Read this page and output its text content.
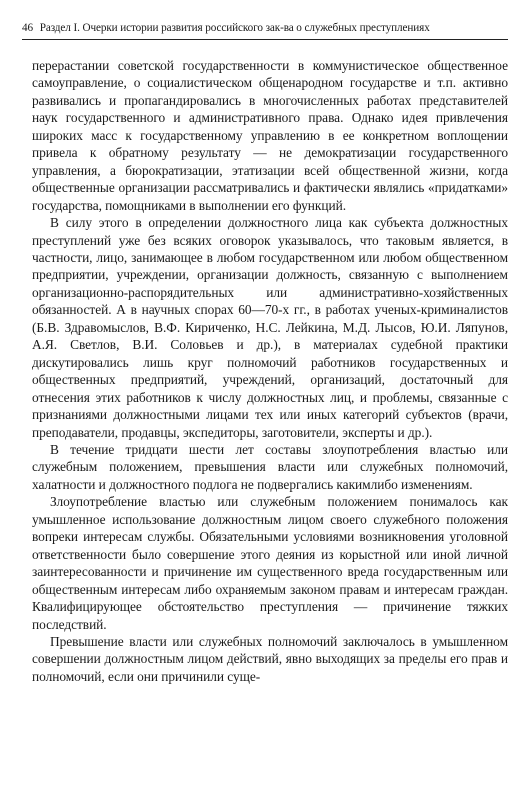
46 Раздел I. Очерки истории развития российского зак-ва о служебных преступлениях

перерастании советской государственности в коммунистическое общественное самоуправление, о социалистическом общенародном государстве и т.п. активно развивались и пропагандировались в многочисленных работах представителей наук государственного и административного права. Однако идея привлечения широких масс к государственному управлению в ее конкретном воплощении привела к обратному результату — не демократизации государственного управления, а бюрократизации, этатизации всей общественной жизни, когда общественные организации рассматривались и фактически являлись «придатками» государства, помощниками в выполнении его функций.

В силу этого в определении должностного лица как субъекта должностных преступлений уже без всяких оговорок указывалось, что таковым является, в частности, лицо, занимающее в любом государственном или любом общественном предприятии, учреждении, организации должность, связанную с выполнением организационно-распорядительных или административно-хозяйственных обязанностей. А в научных спорах 60—70-х гг., в работах ученых-криминалистов (Б.В. Здравомыслов, В.Ф. Кириченко, Н.С. Лейкина, М.Д. Лысов, Ю.И. Ляпунов, А.Я. Светлов, В.И. Соловьев и др.), в материалах судебной практики дискутировались лишь круг полномочий работников государственных и общественных предприятий, учреждений, организаций, достаточный для отнесения этих работников к числу должностных лиц, и проблемы, связанные с признаниями должностными лицами тех или иных категорий субъектов (врачи, преподаватели, продавцы, экспедиторы, заготовители, эксперты и др.).

В течение тридцати шести лет составы злоупотребления властью или служебным положением, превышения власти или служебных полномочий, халатности и должностного подлога не подвергались какимлибо изменениям.

Злоупотребление властью или служебным положением понималось как умышленное использование должностным лицом своего служебного положения вопреки интересам службы. Обязательными условиями возникновения уголовной ответственности было совершение этого деяния из корыстной или иной личной заинтересованности и причинение им существенного вреда государственным или общественным интересам либо охраняемым законом правам и интересам граждан. Квалифицирующее обстоятельство преступления — причинение тяжких последствий.

Превышение власти или служебных полномочий заключалось в умышленном совершении должностным лицом действий, явно выходящих за пределы его прав и полномочий, если они причинили суще-
